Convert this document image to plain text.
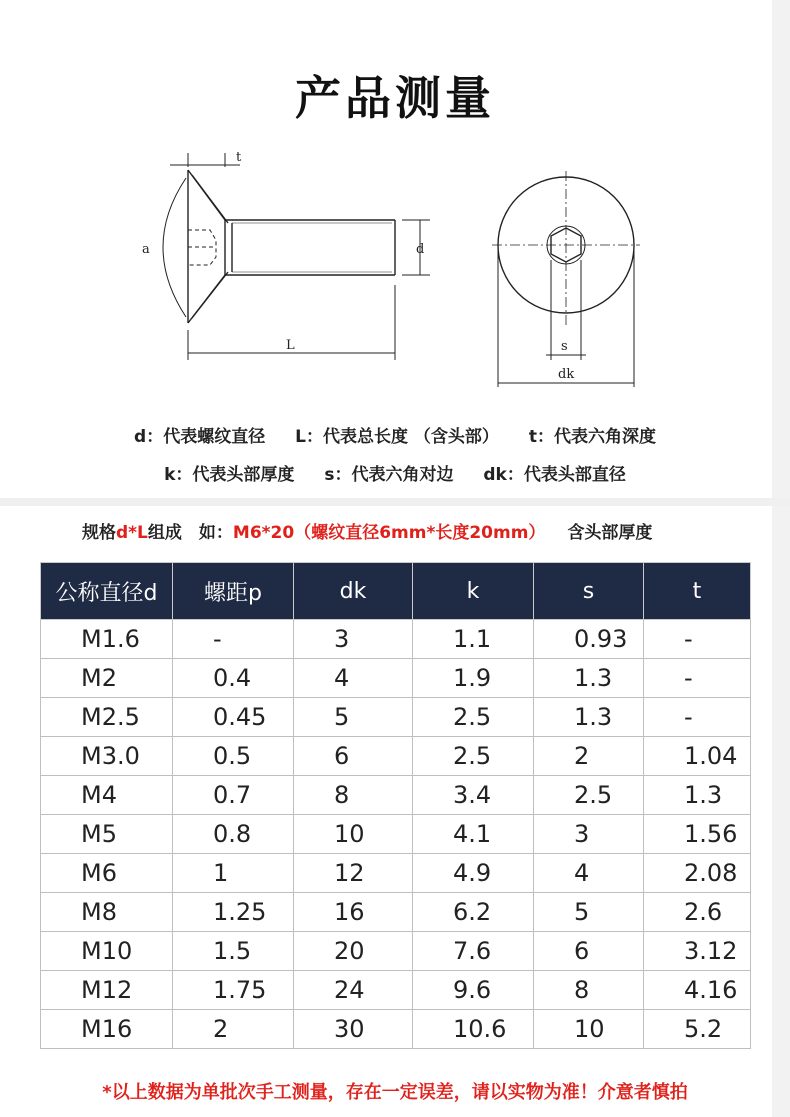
产品测量
t
a	d
L	s
dk
d：代表螺纹直径 L：代表总长度 （含头部） t：代表六角深度
k：代表头部厚度 s：代表六角对边 dk：代表头部直径
规格d*L组成　如：M6*20（螺纹直径6mm*长度20mm） 含头部厚度
公称直径d	螺距p	dk	k	s	t
M1.6	-	3	1.1	0.93	-
M2	0.4	4	1.9	1.3	-
M2.5	0.45	5	2.5	1.3	-
M3.0	0.5	6	2.5	2	1.04
M4	0.7	8	3.4	2.5	1.3
M5	0.8	10	4.1	3	1.56
M6	1	12	4.9	4	2.08
M8	1.25	16	6.2	5	2.6
M10	1.5	20	7.6	6	3.12
M12	1.75	24	9.6	8	4.16
M16	2	30	10.6	10	5.2
*以上数据为单批次手工测量，存在一定误差，请以实物为准！介意者慎拍
